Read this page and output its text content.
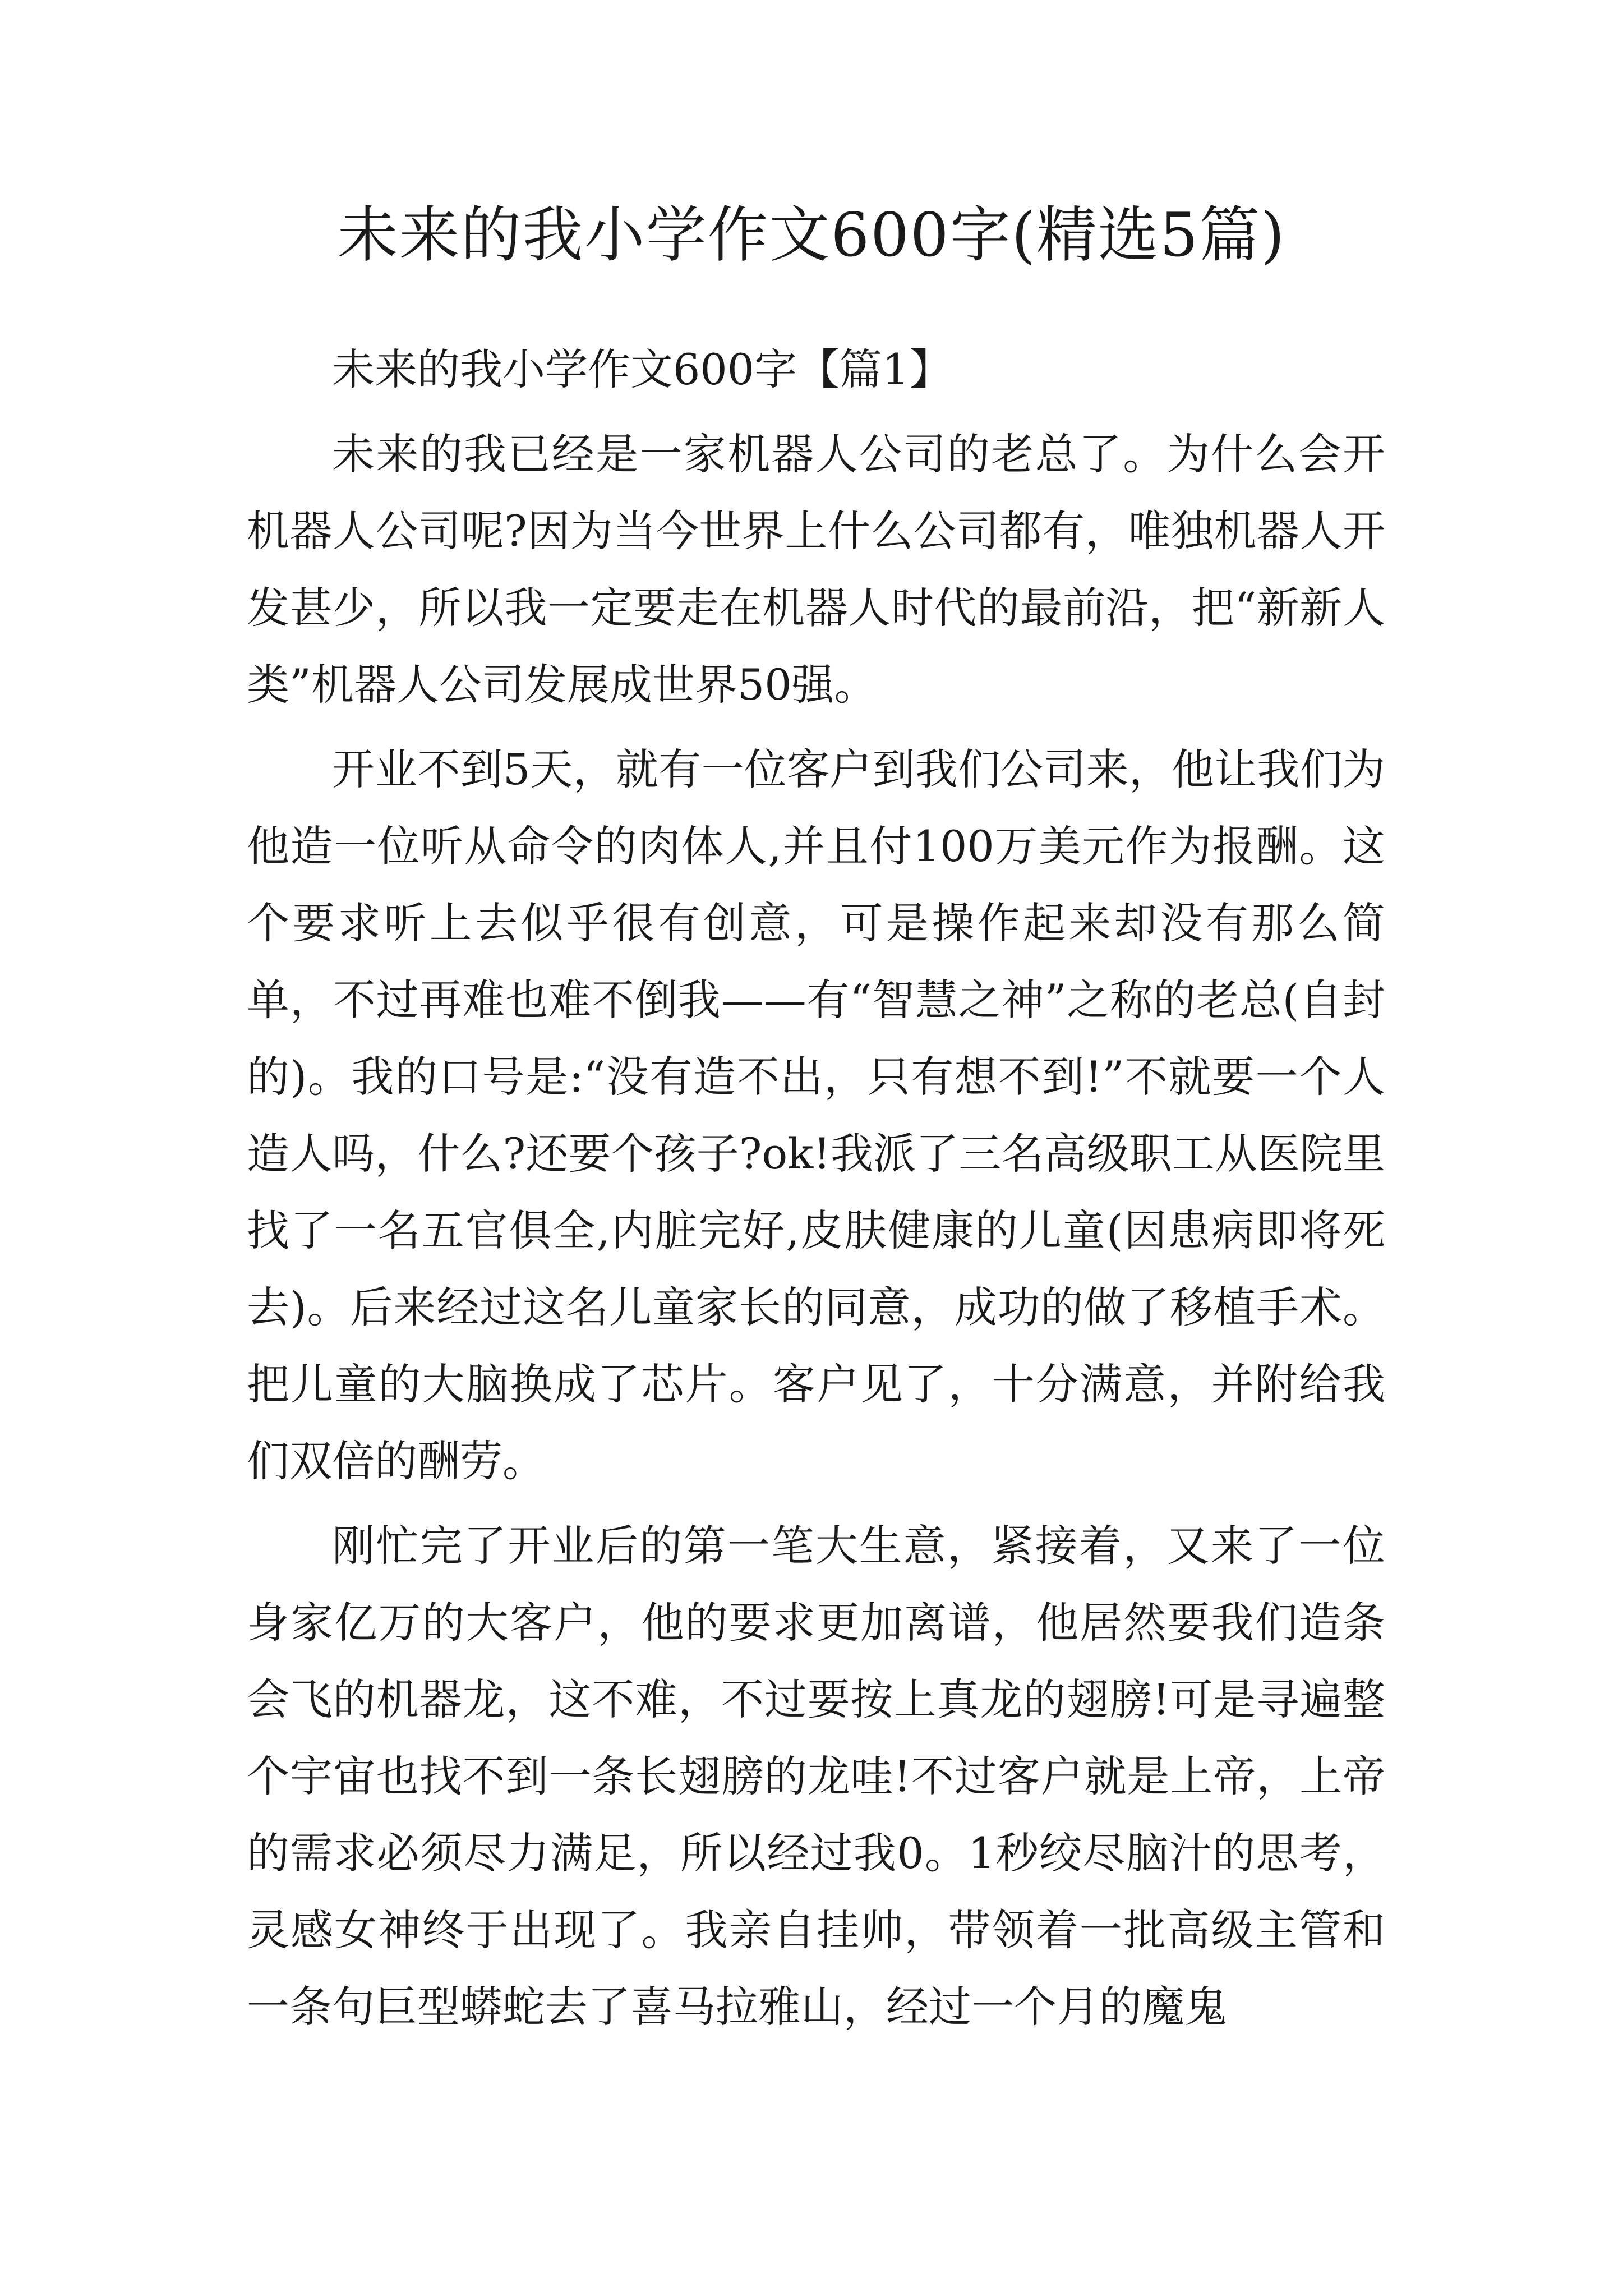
未来的我小学作文600字(精选5篇)

未来的我小学作文600字【篇1】

未来的我已经是一家机器人公司的老总了。为什么会开机器人公司呢?因为当今世界上什么公司都有，唯独机器人开发甚少，所以我一定要走在机器人时代的最前沿，把“新新人类”机器人公司发展成世界50强。

开业不到5天，就有一位客户到我们公司来，他让我们为他造一位听从命令的肉体人,并且付100万美元作为报酬。这个要求听上去似乎很有创意，可是操作起来却没有那么简单，不过再难也难不倒我——有“智慧之神”之称的老总(自封的)。我的口号是:“没有造不出，只有想不到!”不就要一个人造人吗，什么?还要个孩子?ok!我派了三名高级职工从医院里找了一名五官俱全,内脏完好,皮肤健康的儿童(因患病即将死去)。后来经过这名儿童家长的同意，成功的做了移植手术。把儿童的大脑换成了芯片。客户见了，十分满意，并附给我们双倍的酬劳。

刚忙完了开业后的第一笔大生意，紧接着，又来了一位身家亿万的大客户，他的要求更加离谱，他居然要我们造条会飞的机器龙，这不难，不过要按上真龙的翅膀!可是寻遍整个宇宙也找不到一条长翅膀的龙哇!不过客户就是上帝，上帝的需求必须尽力满足，所以经过我0。1秒绞尽脑汁的思考，灵感女神终于出现了。我亲自挂帅，带领着一批高级主管和一条句巨型蟒蛇去了喜马拉雅山，经过一个月的魔鬼
